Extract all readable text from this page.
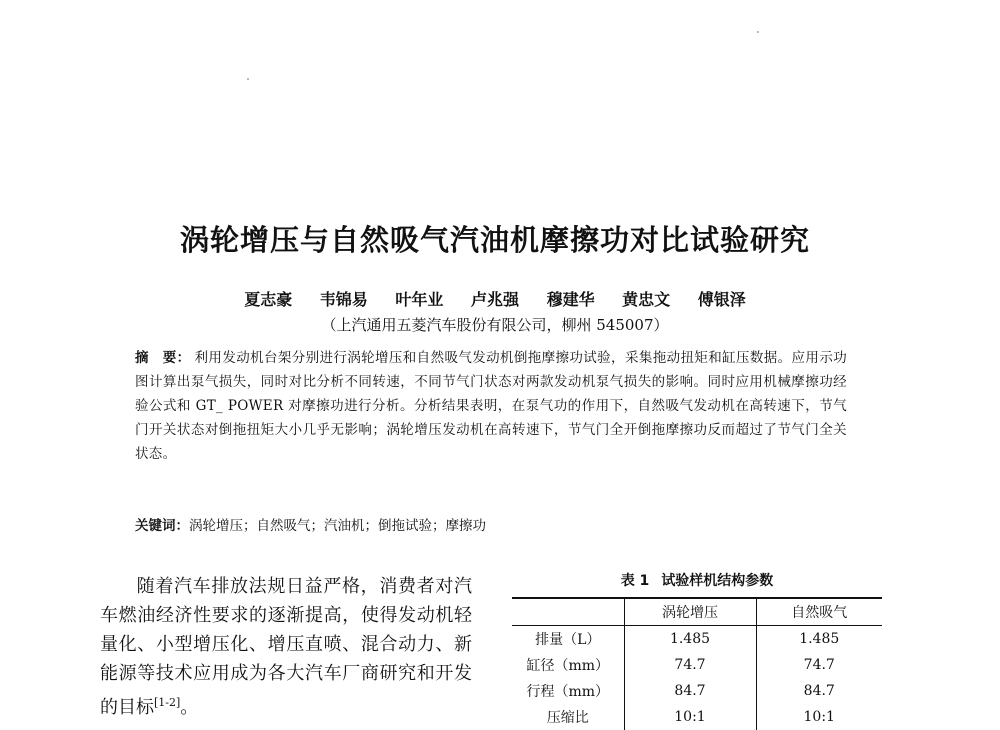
涡轮增压与自然吸气汽油机摩擦功对比试验研究
夏志豪 韦锦易 叶年业 卢兆强 穆建华 黄忠文 傅银泽
（上汽通用五菱汽车股份有限公司，柳州 545007）
摘　要： 利用发动机台架分别进行涡轮增压和自然吸气发动机倒拖摩擦功试验，采集拖动扭矩和缸压数据。应用示功图计算出泵气损失，同时对比分析不同转速，不同节气门状态对两款发动机泵气损失的影响。同时应用机械摩擦功经验公式和 GT_ POWER 对摩擦功进行分析。分析结果表明，在泵气功的作用下，自然吸气发动机在高转速下，节气门开关状态对倒拖扭矩大小几乎无影响；涡轮增压发动机在高转速下，节气门全开倒拖摩擦功反而超过了节气门全关状态。
关键词：涡轮增压；自然吸气；汽油机；倒拖试验；摩擦功
随着汽车排放法规日益严格，消费者对汽车燃油经济性要求的逐渐提高，使得发动机轻量化、小型增压化、增压直喷、混合动力、新能源等技术应用成为各大汽车厂商研究和开发的目标[1-2]。
表 1 试验样机结构参数
	涡轮增压	自然吸气
排量（L）	1.485	1.485
缸径（mm）	74.7	74.7
行程（mm）	84.7	84.7
压缩比	10:1	10:1
